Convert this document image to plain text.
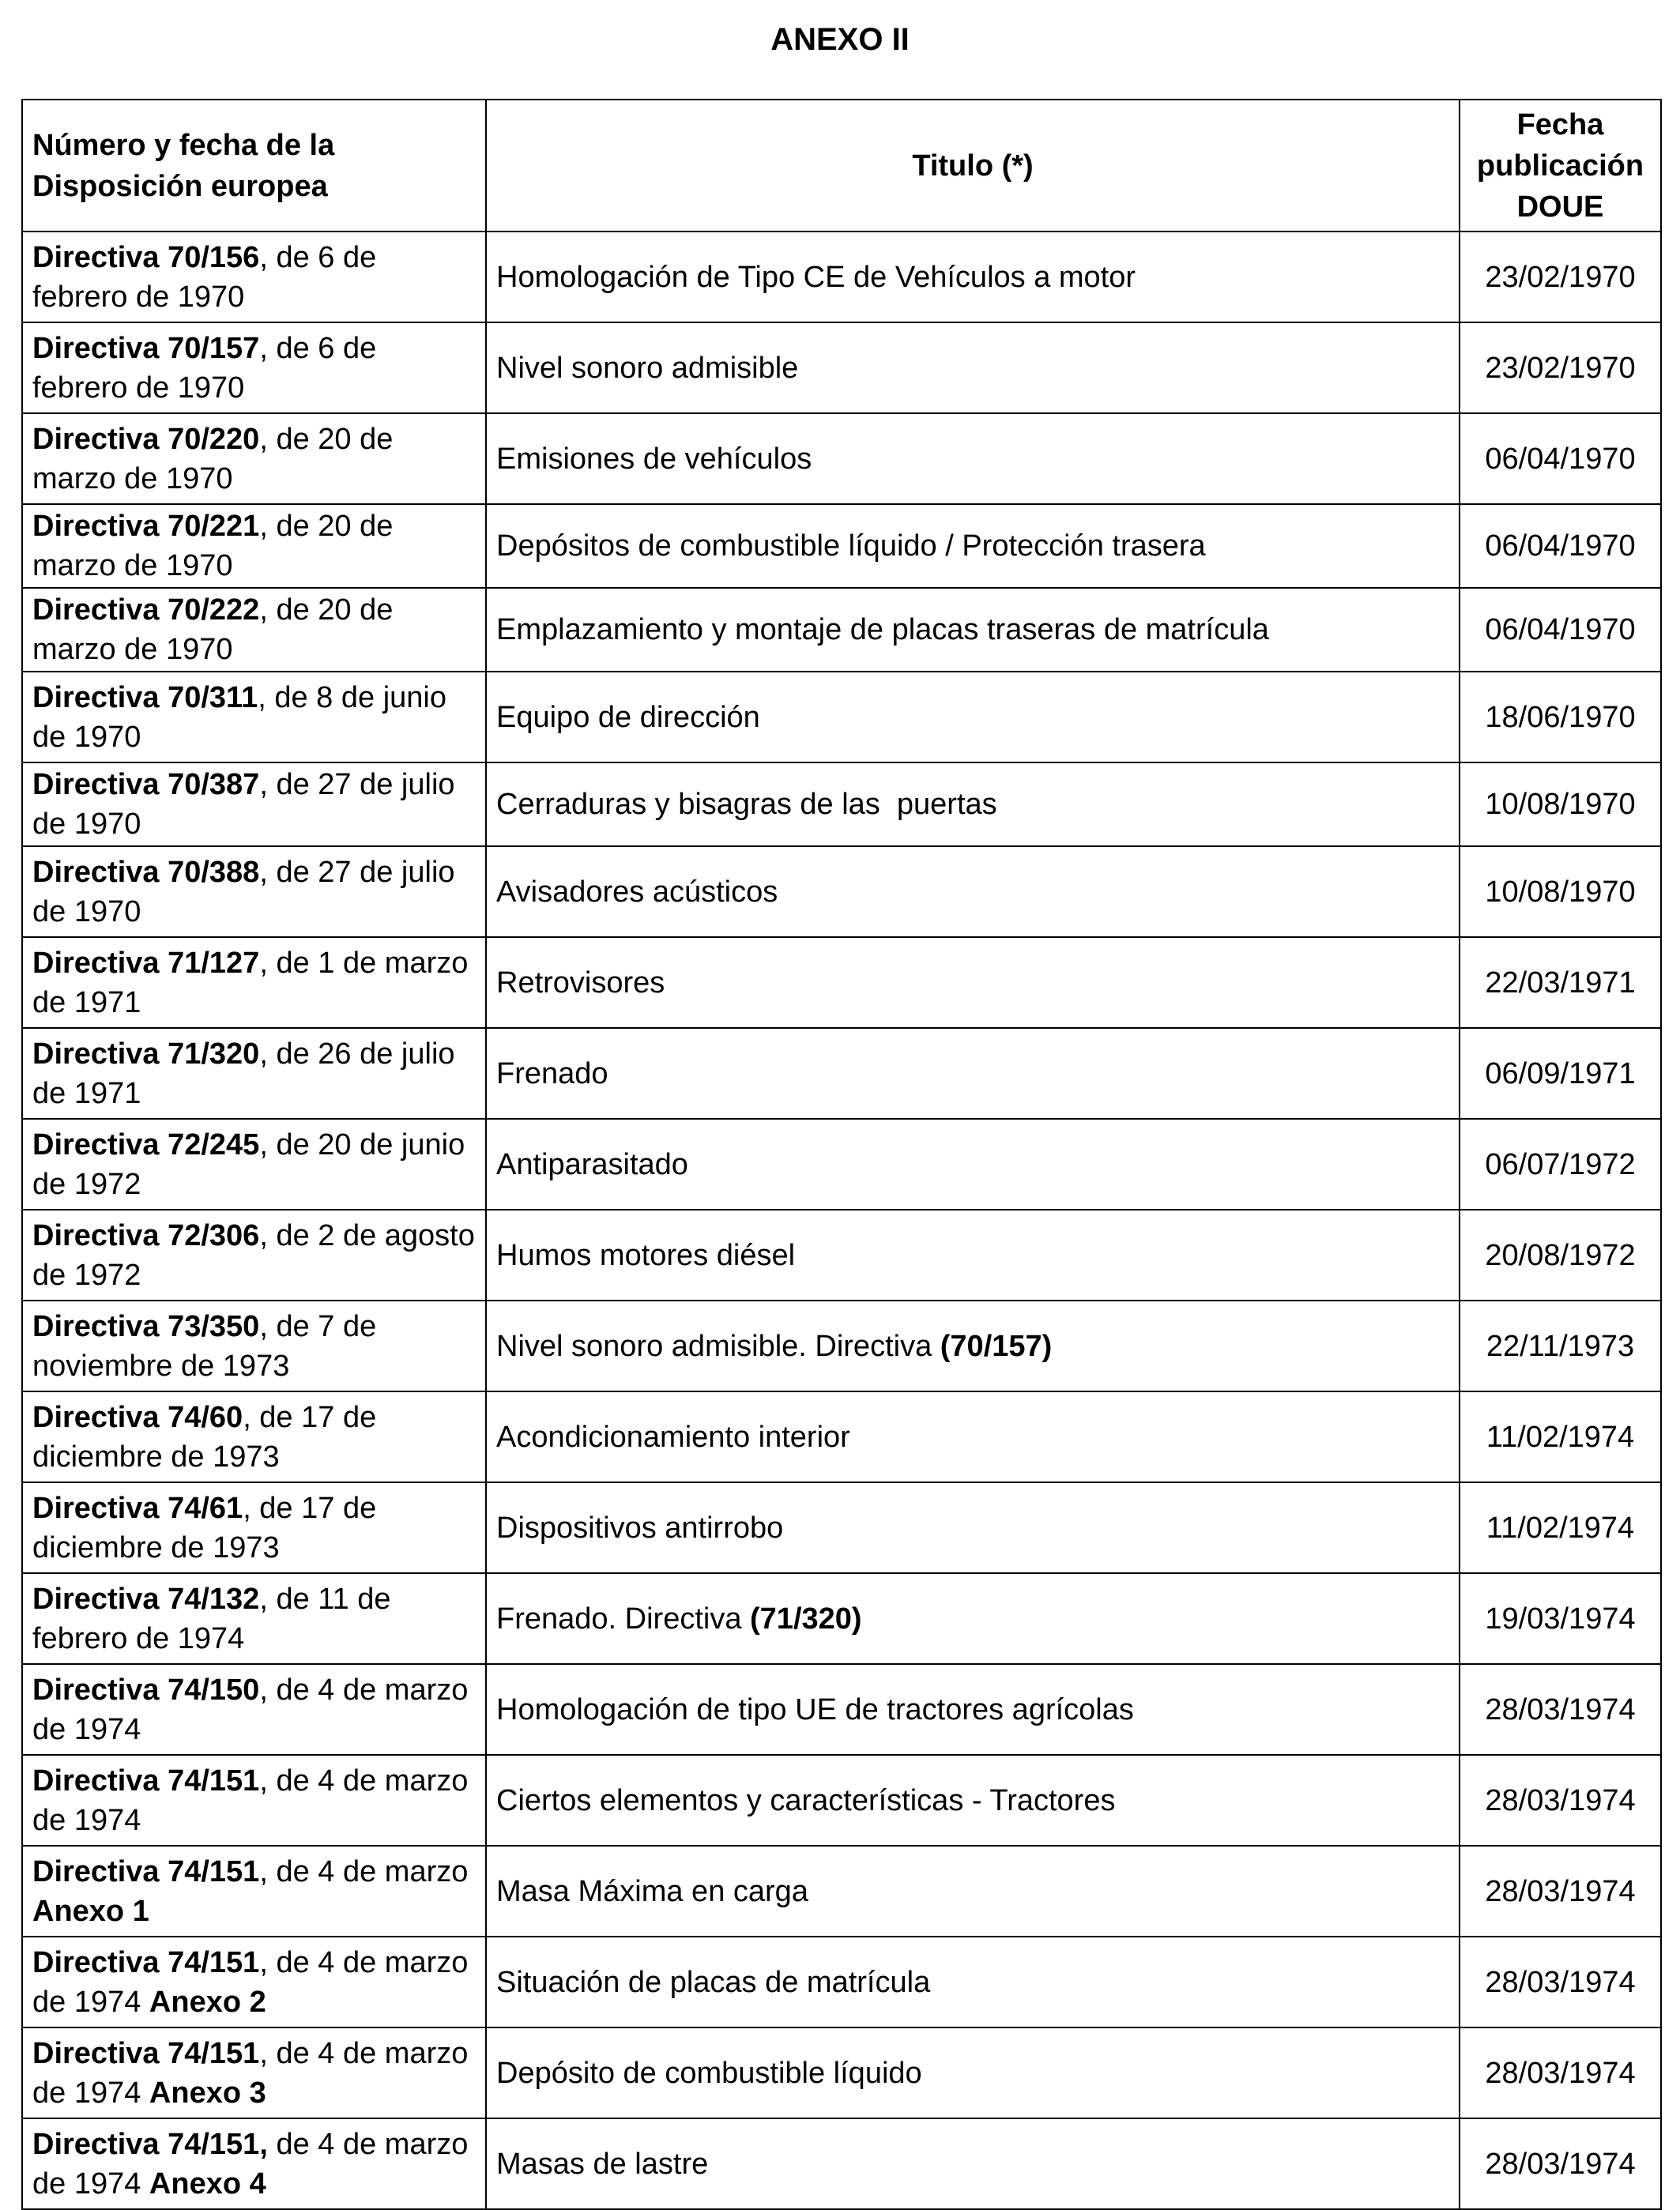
ANEXO II
Número y fecha de la Disposición europea	Titulo (*)	Fecha publicación DOUE
Directiva 70/156, de 6 de febrero de 1970	Homologación de Tipo CE de Vehículos a motor	23/02/1970
Directiva 70/157, de 6 de febrero de 1970	Nivel sonoro admisible	23/02/1970
Directiva 70/220, de 20 de marzo de 1970	Emisiones de vehículos	06/04/1970
Directiva 70/221, de 20 de marzo de 1970	Depósitos de combustible líquido / Protección trasera	06/04/1970
Directiva 70/222, de 20 de marzo de 1970	Emplazamiento y montaje de placas traseras de matrícula	06/04/1970
Directiva 70/311, de 8 de junio de 1970	Equipo de dirección	18/06/1970
Directiva 70/387, de 27 de julio de 1970	Cerraduras y bisagras de las  puertas	10/08/1970
Directiva 70/388, de 27 de julio de 1970	Avisadores acústicos	10/08/1970
Directiva 71/127, de 1 de marzo de 1971	Retrovisores	22/03/1971
Directiva 71/320, de 26 de julio de 1971	Frenado	06/09/1971
Directiva 72/245, de 20 de junio de 1972	Antiparasitado	06/07/1972
Directiva 72/306, de 2 de agosto de 1972	Humos motores diésel	20/08/1972
Directiva 73/350, de 7 de noviembre de 1973	Nivel sonoro admisible. Directiva (70/157)	22/11/1973
Directiva 74/60, de 17 de diciembre de 1973	Acondicionamiento interior	11/02/1974
Directiva 74/61, de 17 de diciembre de 1973	Dispositivos antirrobo	11/02/1974
Directiva 74/132, de 11 de febrero de 1974	Frenado. Directiva (71/320)	19/03/1974
Directiva 74/150, de 4 de marzo de 1974	Homologación de tipo UE de tractores agrícolas	28/03/1974
Directiva 74/151, de 4 de marzo de 1974	Ciertos elementos y características - Tractores	28/03/1974
Directiva 74/151, de 4 de marzo Anexo 1	Masa Máxima en carga	28/03/1974
Directiva 74/151, de 4 de marzo de 1974 Anexo 2	Situación de placas de matrícula	28/03/1974
Directiva 74/151, de 4 de marzo de 1974 Anexo 3	Depósito de combustible líquido	28/03/1974
Directiva 74/151, de 4 de marzo de 1974 Anexo 4	Masas de lastre	28/03/1974
